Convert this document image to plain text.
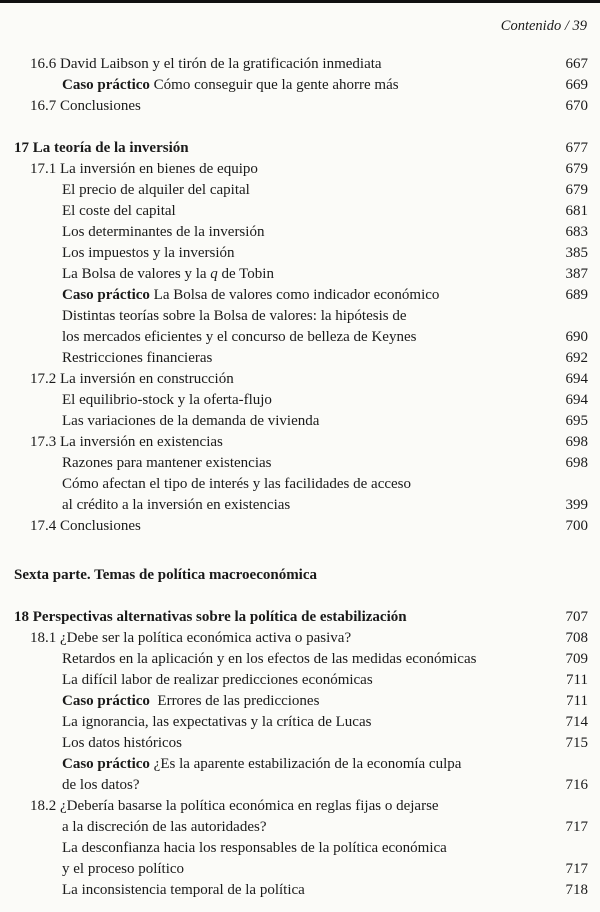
Contenido / 39
16.6 David Laibson y el tirón de la gratificación inmediata	667
Caso práctico Cómo conseguir que la gente ahorre más	669
16.7 Conclusiones	670
17 La teoría de la inversión	677
17.1 La inversión en bienes de equipo	679
El precio de alquiler del capital	679
El coste del capital	681
Los determinantes de la inversión	683
Los impuestos y la inversión	385
La Bolsa de valores y la q de Tobin	387
Caso práctico La Bolsa de valores como indicador económico	689
Distintas teorías sobre la Bolsa de valores: la hipótesis de
los mercados eficientes y el concurso de belleza de Keynes	690
Restricciones financieras	692
17.2 La inversión en construcción	694
El equilibrio-stock y la oferta-flujo	694
Las variaciones de la demanda de vivienda	695
17.3 La inversión en existencias	698
Razones para mantener existencias	698
Cómo afectan el tipo de interés y las facilidades de acceso
al crédito a la inversión en existencias	399
17.4 Conclusiones	700
Sexta parte. Temas de política macroeconómica
18 Perspectivas alternativas sobre la política de estabilización	707
18.1 ¿Debe ser la política económica activa o pasiva?	708
Retardos en la aplicación y en los efectos de las medidas económicas	709
La difícil labor de realizar predicciones económicas	711
Caso práctico  Errores de las predicciones	711
La ignorancia, las expectativas y la crítica de Lucas	714
Los datos históricos	715
Caso práctico ¿Es la aparente estabilización de la economía culpa
de los datos?	716
18.2 ¿Debería basarse la política económica en reglas fijas o dejarse
a la discreción de las autoridades?	717
La desconfianza hacia los responsables de la política económica
y el proceso político	717
La inconsistencia temporal de la política	718
